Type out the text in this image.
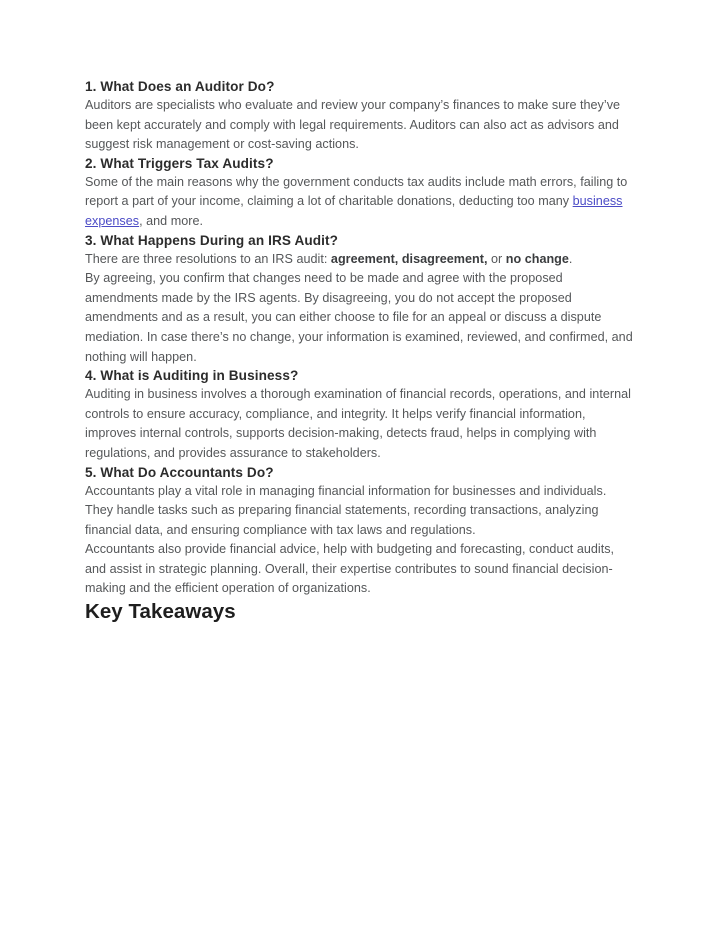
1. What Does an Auditor Do?

Auditors are specialists who evaluate and review your company’s finances to make sure they’ve been kept accurately and comply with legal requirements. Auditors can also act as advisors and suggest risk management or cost-saving actions.

2. What Triggers Tax Audits?

Some of the main reasons why the government conducts tax audits include math errors, failing to report a part of your income, claiming a lot of charitable donations, deducting too many business expenses, and more.

3. What Happens During an IRS Audit?

There are three resolutions to an IRS audit: agreement, disagreement, or no change.

By agreeing, you confirm that changes need to be made and agree with the proposed amendments made by the IRS agents. By disagreeing, you do not accept the proposed amendments and as a result, you can either choose to file for an appeal or discuss a dispute mediation. In case there’s no change, your information is examined, reviewed, and confirmed, and nothing will happen.

4. What is Auditing in Business?

Auditing in business involves a thorough examination of financial records, operations, and internal controls to ensure accuracy, compliance, and integrity. It helps verify financial information, improves internal controls, supports decision-making, detects fraud, helps in complying with regulations, and provides assurance to stakeholders.

5. What Do Accountants Do?

Accountants play a vital role in managing financial information for businesses and individuals. They handle tasks such as preparing financial statements, recording transactions, analyzing financial data, and ensuring compliance with tax laws and regulations.

Accountants also provide financial advice, help with budgeting and forecasting, conduct audits, and assist in strategic planning. Overall, their expertise contributes to sound financial decision-making and the efficient operation of organizations.

Key Takeaways
